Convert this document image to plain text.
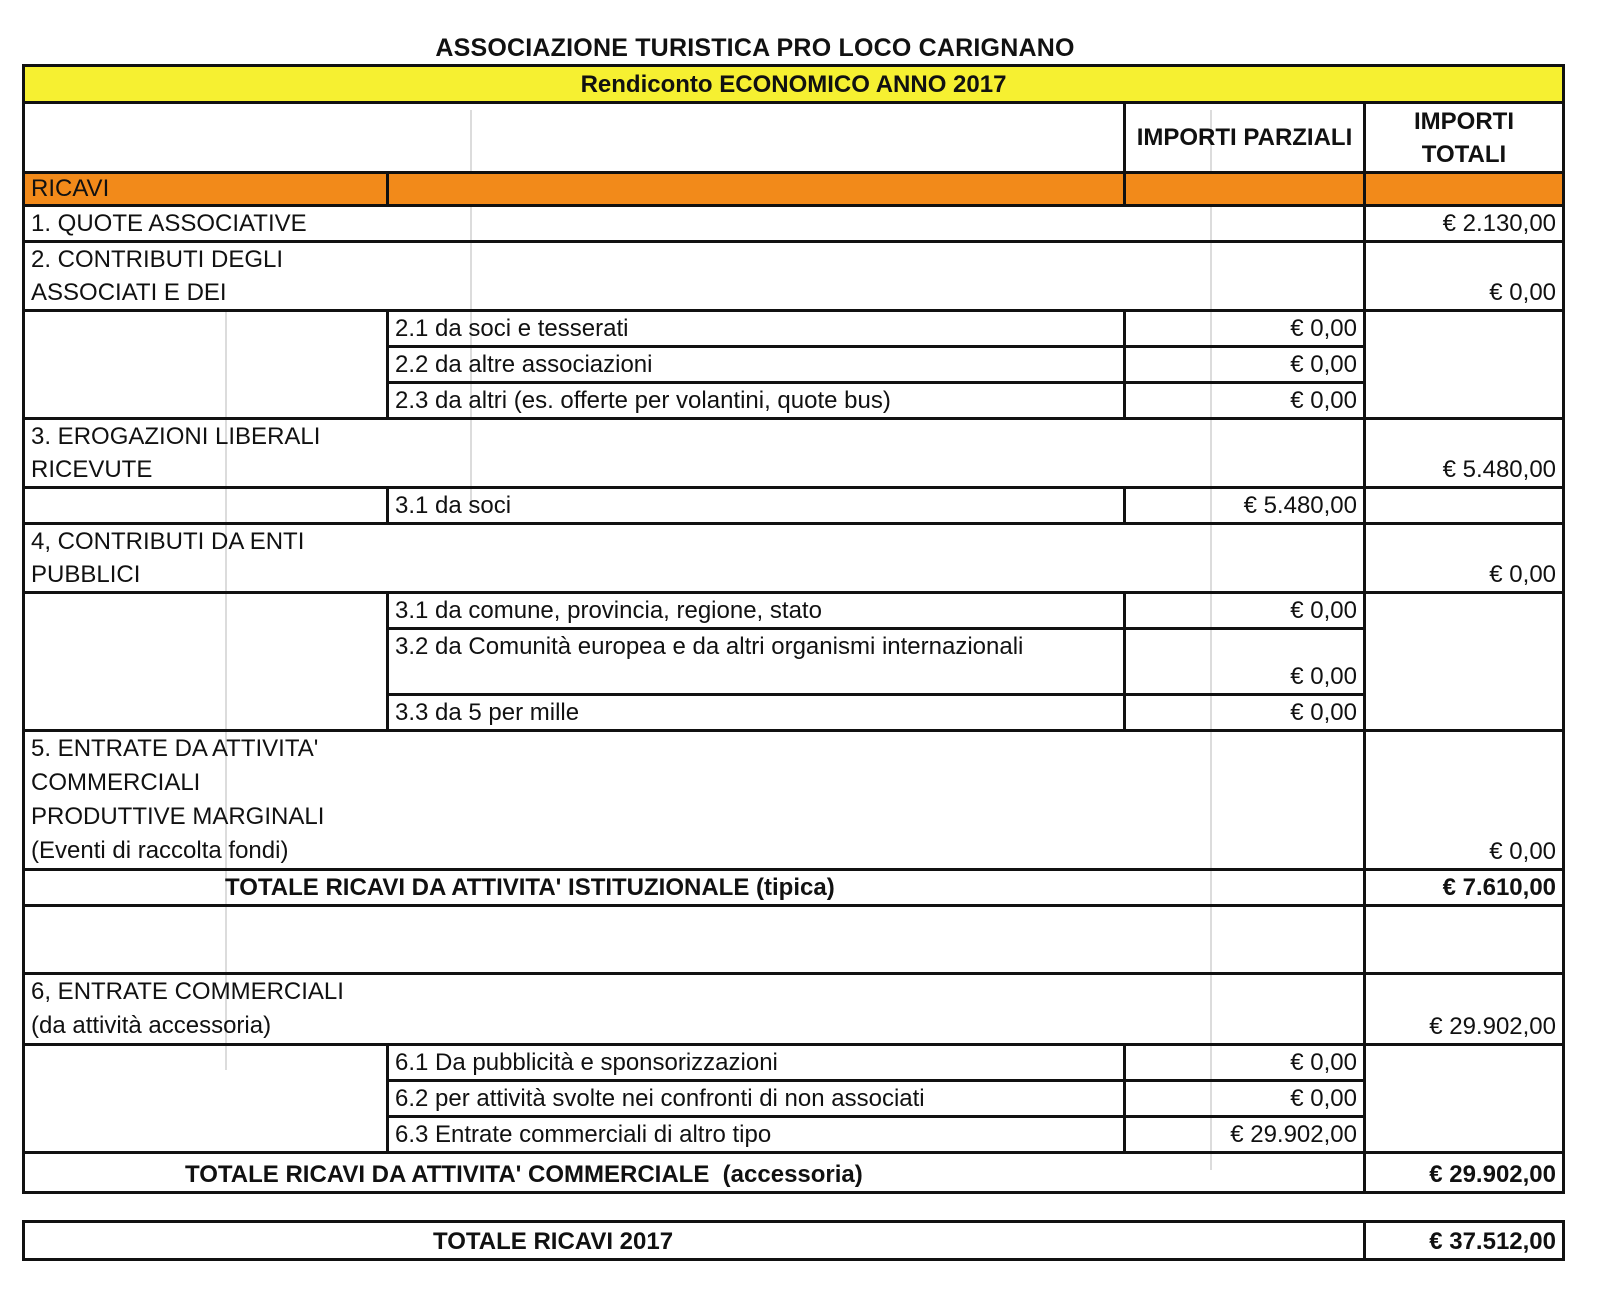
ASSOCIAZIONE TURISTICA PRO LOCO CARIGNANO
Rendiconto ECONOMICO ANNO 2017			
		IMPORTI PARZIALI	IMPORTI TOTALI
RICAVI			
1. QUOTE ASSOCIATIVE			€ 2.130,00
2. CONTRIBUTI DEGLI ASSOCIATI E DEI			€ 0,00
	2.1 da soci e tesserati	€ 0,00	
	2.2 da altre associazioni	€ 0,00	
	2.3 da altri (es. offerte per volantini, quote bus)	€ 0,00	
3. EROGAZIONI LIBERALI RICEVUTE			€ 5.480,00
	3.1 da soci	€ 5.480,00	
4, CONTRIBUTI DA ENTI PUBBLICI			€ 0,00
	3.1 da comune, provincia, regione, stato	€ 0,00	
	3.2 da Comunità europea e da altri organismi internazionali	€ 0,00	
	3.3 da 5 per mille	€ 0,00	

5. ENTRATE DA ATTIVITA'
COMMERCIALI
PRODUTTIVE MARGINALI
(Eventi di raccolta fondi)			€ 0,00
TOTALE RICAVI DA ATTIVITA' ISTITUZIONALE (tipica)			€ 7.610,00

6, ENTRATE COMMERCIALI
(da attività accessoria)			€ 29.902,00
	6.1 Da pubblicità e sponsorizzazioni	€ 0,00	
	6.2 per attività svolte nei confronti di non associati	€ 0,00	
	6.3 Entrate commerciali di altro tipo	€ 29.902,00	
TOTALE RICAVI DA ATTIVITA' COMMERCIALE  (accessoria)			€ 29.902,00

TOTALE RICAVI 2017			€ 37.512,00
